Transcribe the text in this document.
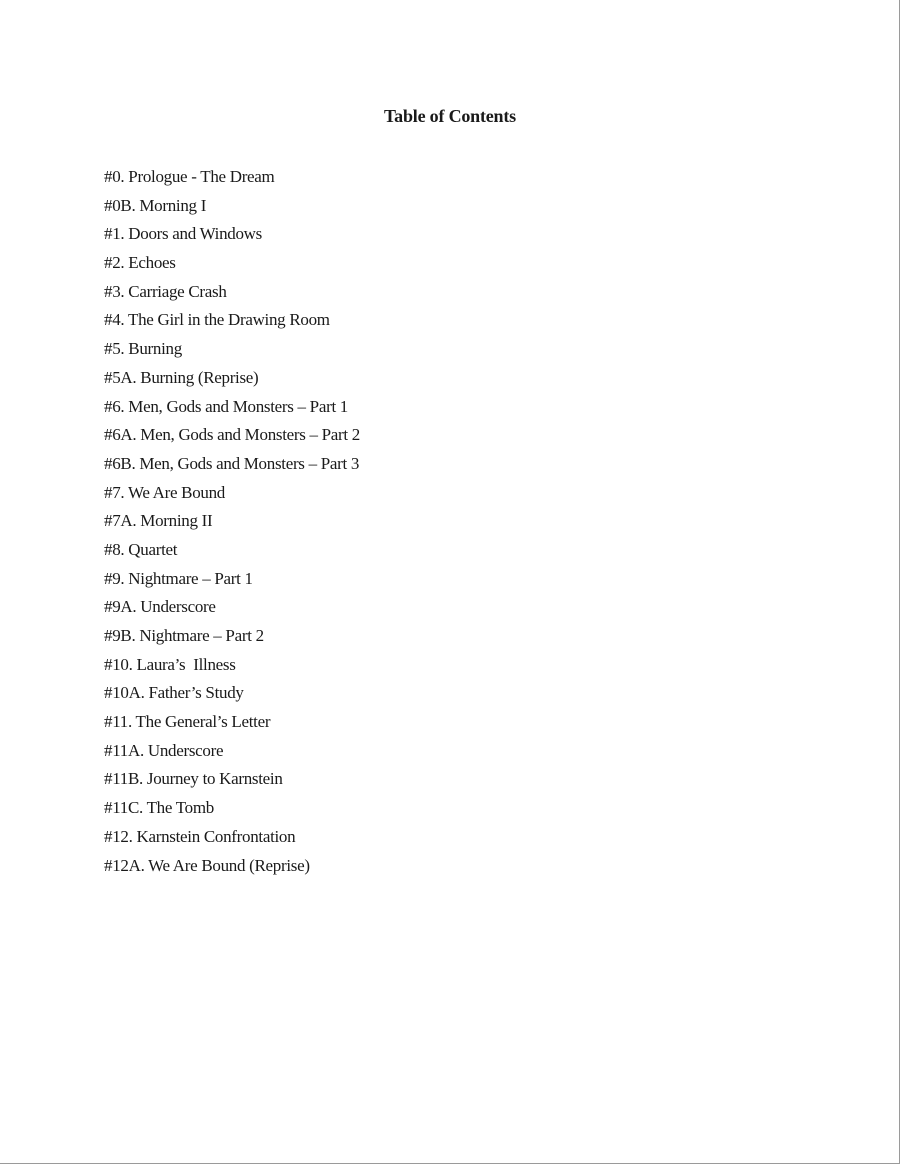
Table of Contents
#0. Prologue - The Dream
#0B. Morning I
#1. Doors and Windows
#2. Echoes
#3. Carriage Crash
#4. The Girl in the Drawing Room
#5. Burning
#5A. Burning (Reprise)
#6. Men, Gods and Monsters – Part 1
#6A. Men, Gods and Monsters – Part 2
#6B. Men, Gods and Monsters – Part 3
#7. We Are Bound
#7A. Morning II
#8. Quartet
#9. Nightmare – Part 1
#9A. Underscore
#9B. Nightmare – Part 2
#10. Laura’s  Illness
#10A. Father’s Study
#11. The General’s Letter
#11A. Underscore
#11B. Journey to Karnstein
#11C. The Tomb
#12. Karnstein Confrontation
#12A. We Are Bound (Reprise)
